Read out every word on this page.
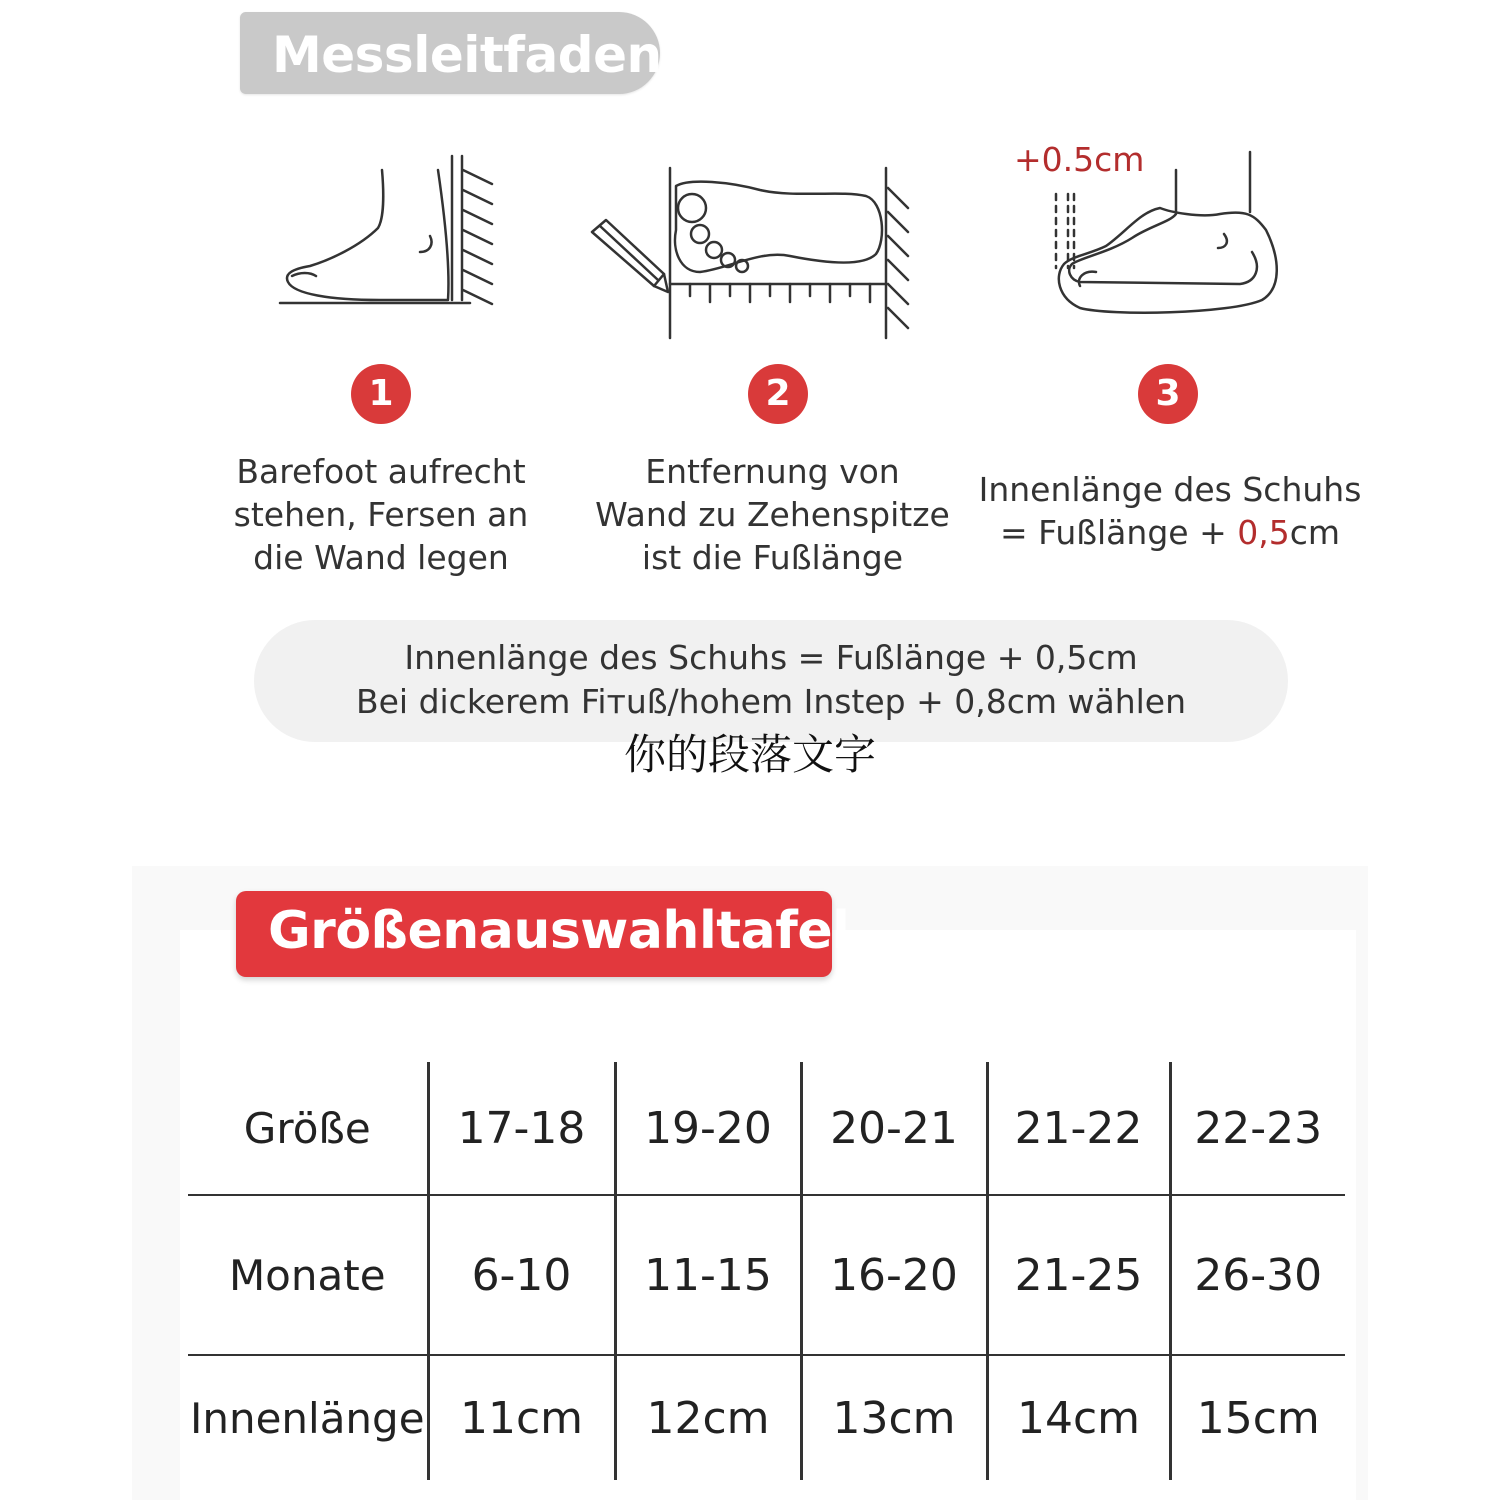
Messleitfaden
+0.5cm
1	2	3
Barefoot aufrecht
stehen, Fersen an
die Wand legen
Entfernung von
Wand zu Zehenspitze
ist die Fußlänge
Innenlänge des Schuhs
= Fußlänge + 0,5cm
Innenlänge des Schuhs = Fußlänge + 0,5cm
Bei dickerem Fiтuß/hohem Instep + 0,8cm wählen
你的段落文字
Größenauswahltafel
Größe	17-18	19-20	20-21	21-22	22-23
Monate	6-10	11-15	16-20	21-25	26-30
Innenlänge	11cm	12cm	13cm	14cm	15cm
